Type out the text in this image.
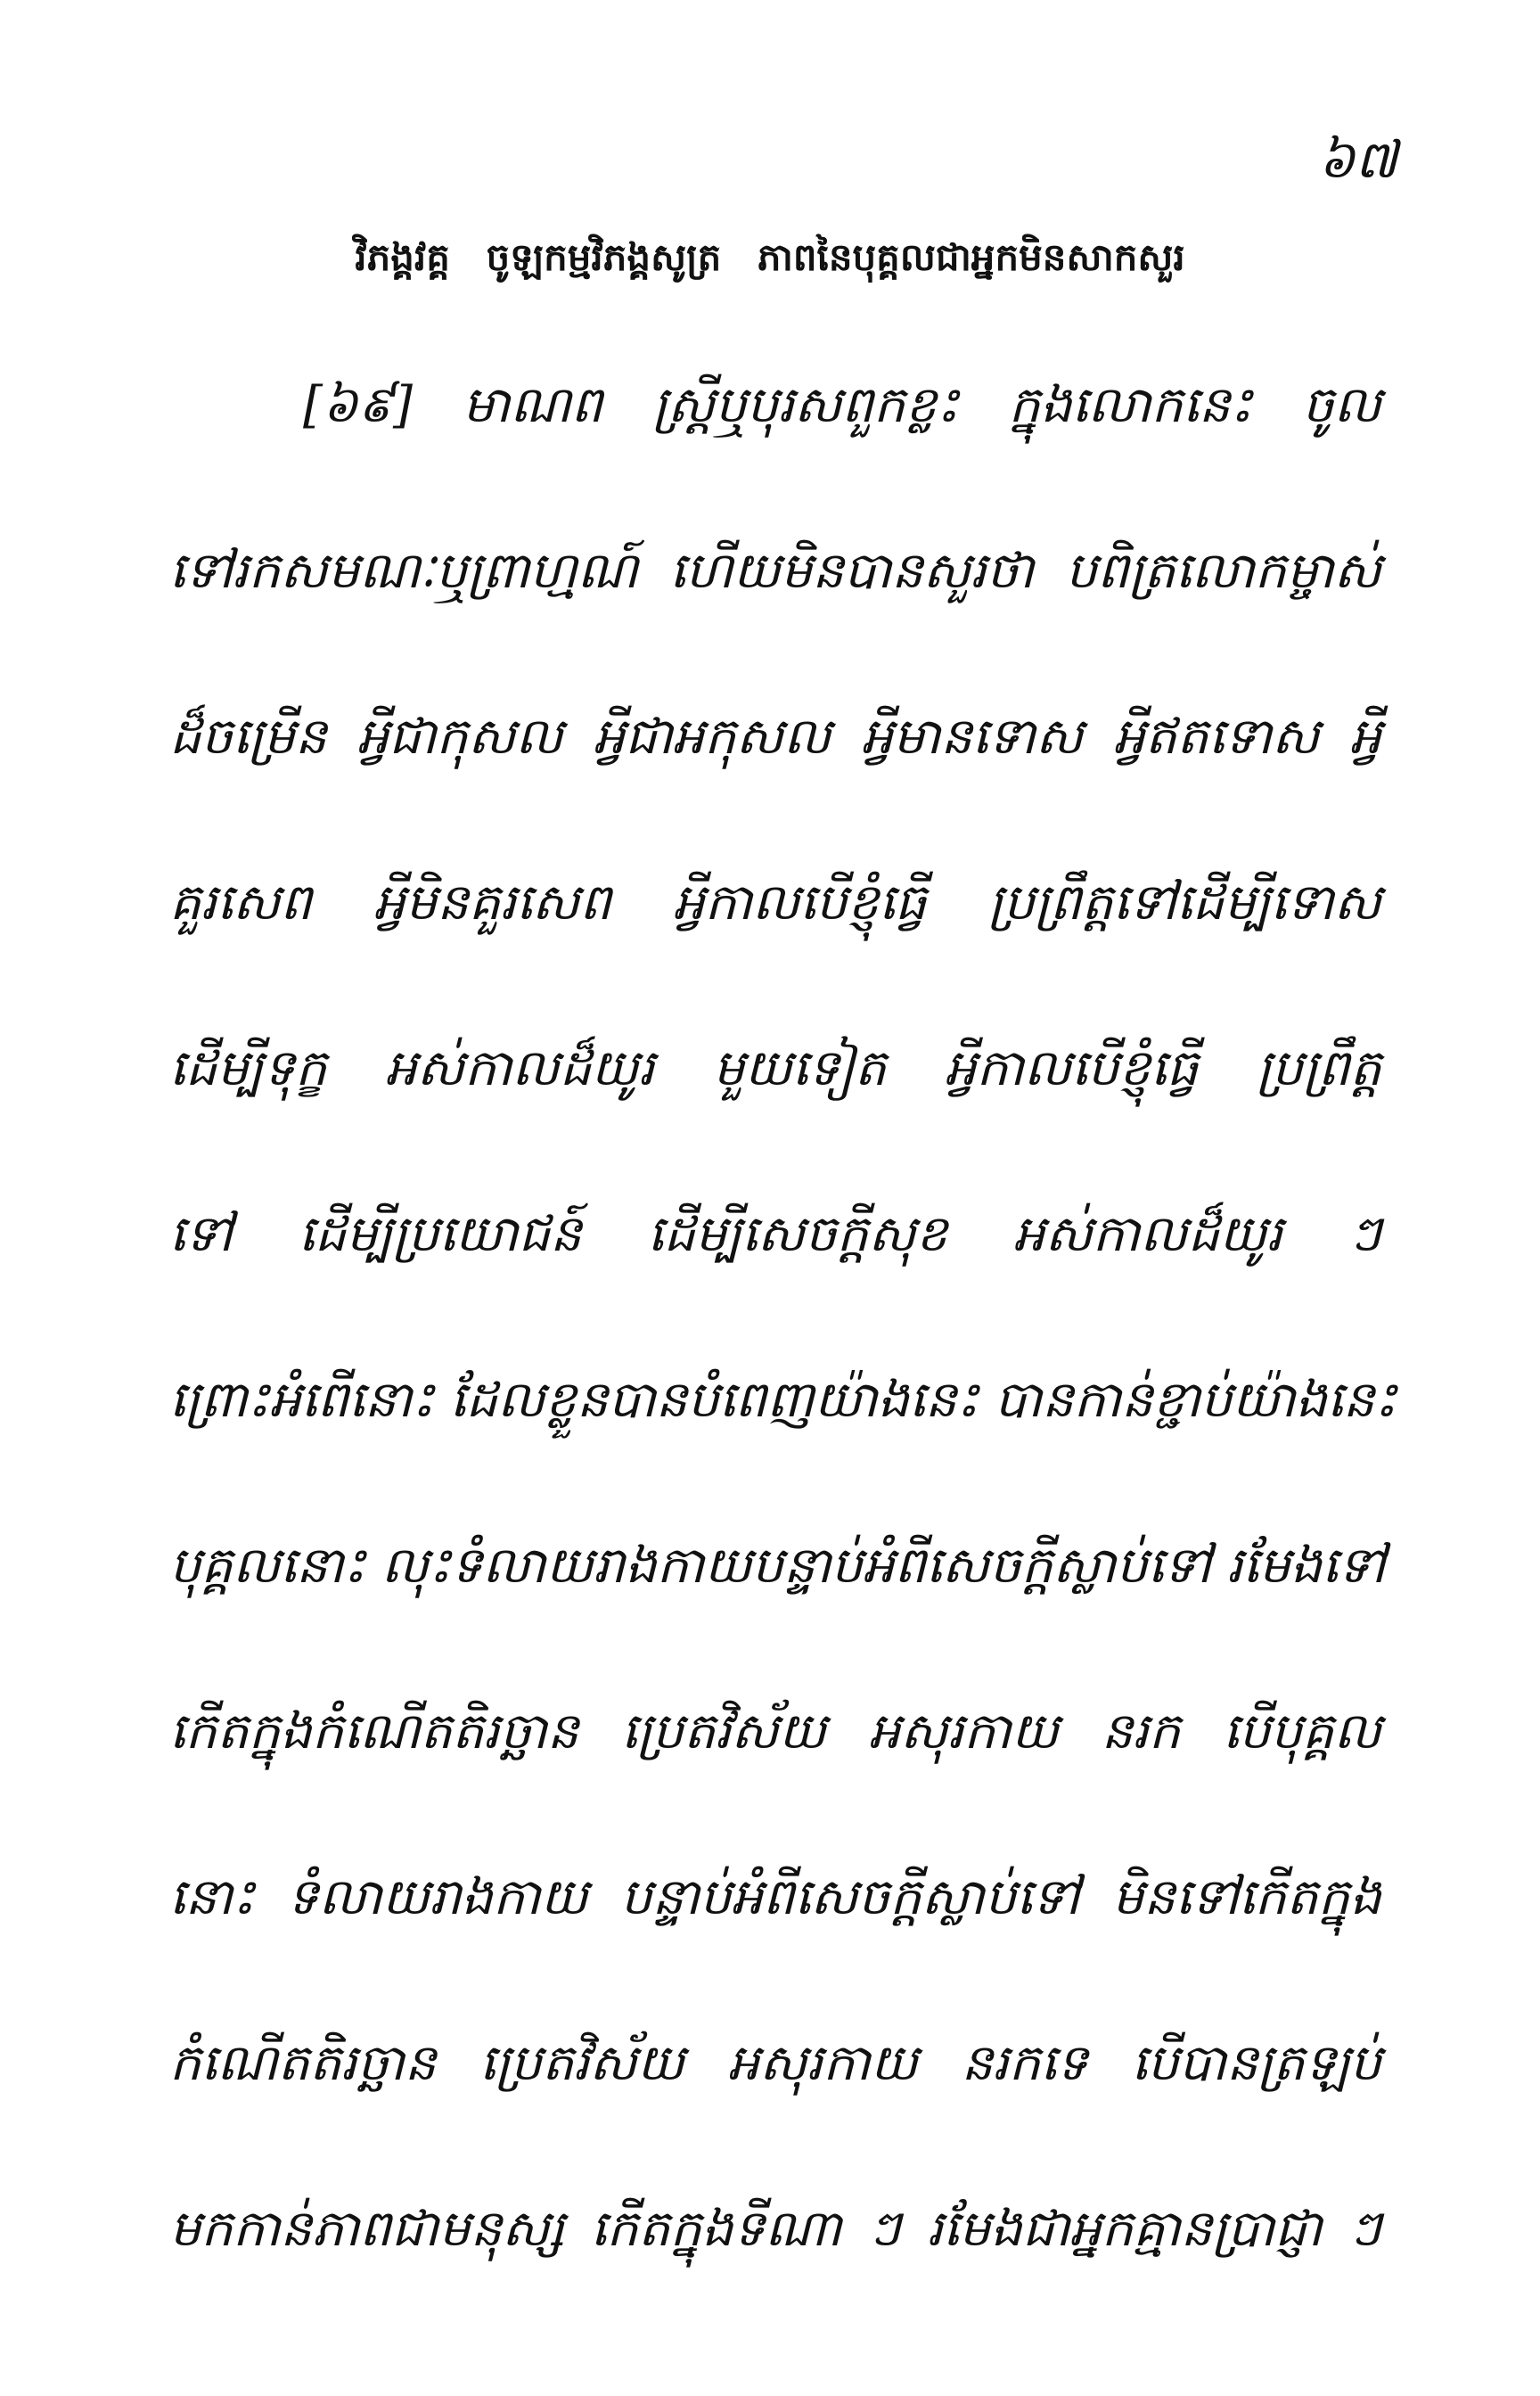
៦៧
វិភង្គវគ្គ ចូឡកម្មវិភង្គសូត្រ ភាពនៃបុគ្គលជាអ្នកមិនសាកសួរ
[៦៩] មាណព ស្ត្រីឬបុរសពួកខ្លះ ក្នុងលោកនេះ ចូល
ទៅរកសមណៈឬព្រាហ្មណ៍ ហើយមិនបានសួរថា បពិត្រលោកម្ចាស់
ដ៏ចម្រើន អ្វីជាកុសល អ្វីជាអកុសល អ្វីមានទោស អ្វីឥតទោស អ្វី
គួរសេព អ្វីមិនគួរសេព អ្វីកាលបើខ្ញុំធ្វើ ប្រព្រឹត្តទៅដើម្បីទោស
ដើម្បីទុក្ខ អស់កាលដ៏យូរ មួយទៀត អ្វីកាលបើខ្ញុំធ្វើ ប្រព្រឹត្ត
ទៅ ដើម្បីប្រយោជន៍ ដើម្បីសេចក្តីសុខ អស់កាលដ៏យូរ ៗ
ព្រោះអំពើនោះ ដែលខ្លួនបានបំពេញយ៉ាងនេះ បានកាន់ខ្ជាប់យ៉ាងនេះ
បុគ្គលនោះ លុះទំលាយរាងកាយបន្ទាប់អំពីសេចក្តីស្លាប់ទៅ រមែងទៅ
កើតក្នុងកំណើតតិរច្ឆាន ប្រេតវិស័យ អសុរកាយ នរក បើបុគ្គល
នោះ ទំលាយរាងកាយ បន្ទាប់អំពីសេចក្តីស្លាប់ទៅ មិនទៅកើតក្នុង
កំណើតតិរច្ឆាន ប្រេតវិស័យ អសុរកាយ នរកទេ បើបានត្រឡប់
មកកាន់ភាពជាមនុស្ស កើតក្នុងទីណា ៗ រមែងជាអ្នកគ្មានប្រាជ្ញា ៗ
